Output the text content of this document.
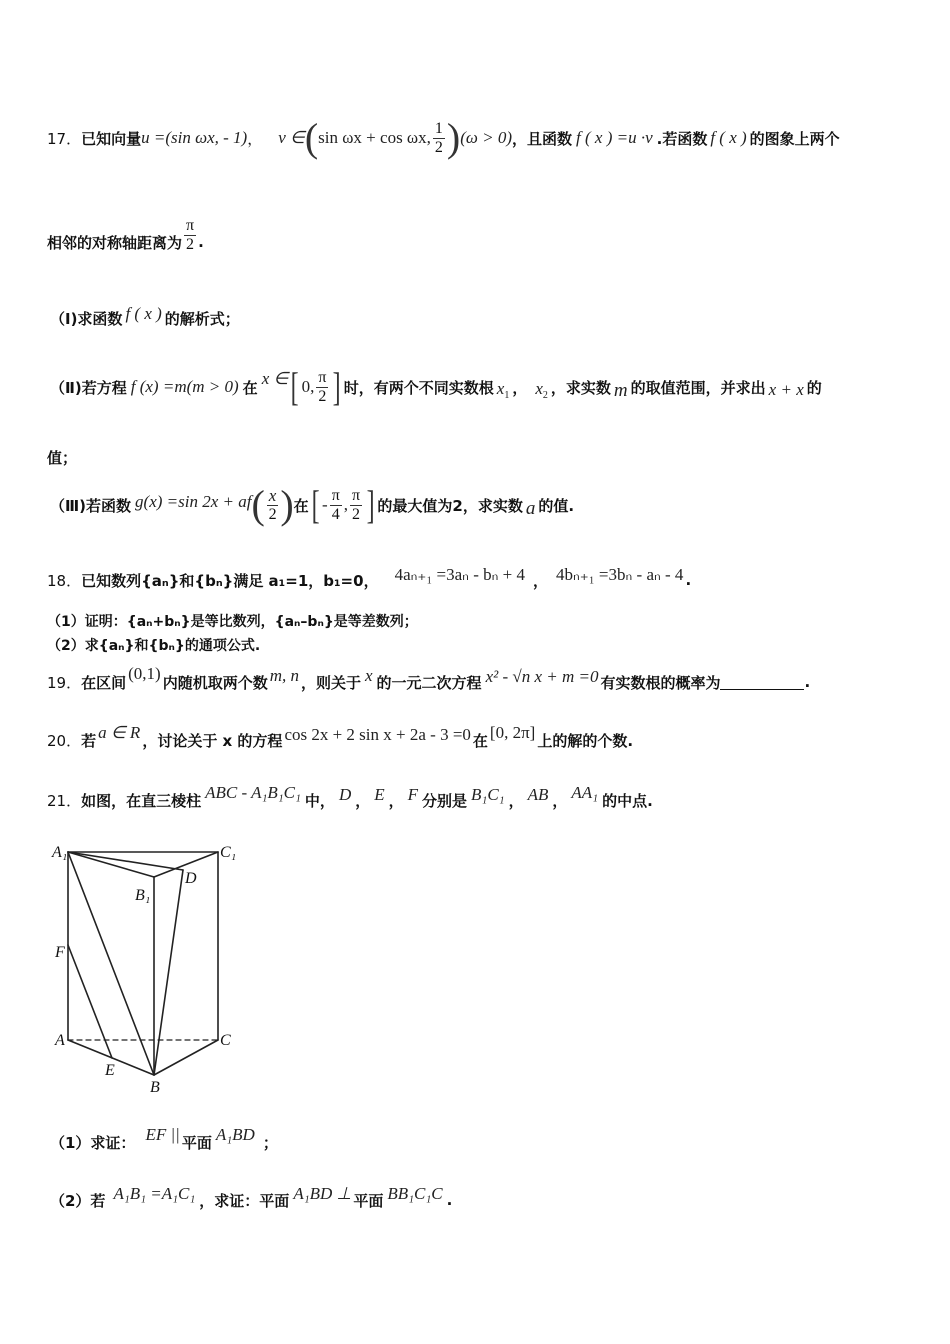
17． 已知向量 u =(sin ωx, - 1) ， v ∈ ( sin ωx + cos ωx, $\frac{1}{2}$ ) (ω > 0) ，且函数 f ( x ) =u ·v .若函数 f ( x ) 的图象上两个
相邻的对称轴距离为 $\frac{\pi}{2}$ .
（Ⅰ)求函数 f ( x ) 的解析式；
（Ⅱ)若方程 f (x) =m(m > 0) 在 x ∈ [ 0, $\frac{\pi}{2}$ ] 时，有两个不同实数根 $x_1$ ， $x_2$ ，求实数 m 的取值范围，并求出 x + x 的
值；
（Ⅲ)若函数 g(x) =sin 2x + af ( $\frac{x}{2}$ ) 在 [ - $\frac{\pi}{4}$ , $\frac{\pi}{2}$ ] 的最大值为2，求实数 a 的值.
18． 已知数列{aₙ}和{bₙ}满足 a₁=1，b₁=0， 4aₙ₊₁ =3aₙ - bₙ + 4 ， 4bₙ₊₁ =3bₙ - aₙ - 4 .
（1）证明：{aₙ+bₙ}是等比数列，{aₙ–bₙ}是等差数列；
（2）求{aₙ}和{bₙ}的通项公式.
19． 在区间 (0,1) 内随机取两个数 m, n ，则关于 x 的一元二次方程 x² - √n x + m =0 有实数根的概率为	.
20． 若 a ∈ R ，讨论关于 x 的方程 cos 2x + 2 sin x + 2a - 3 =0 在 [0, 2π] 上的解的个数.
21． 如图，在直三棱柱 ABC - A₁B₁C₁ 中， D ， E ， F 分别是 B₁C₁ ， AB ， AA₁ 的中点.
A₁	C₁
B₁
D
F
A	C
E
B
（1）求证： EF || 平面 A₁BD ；
（2）若 A₁B₁ =A₁C₁ ，求证：平面 A₁BD ⊥ 平面 BB₁C₁C .
